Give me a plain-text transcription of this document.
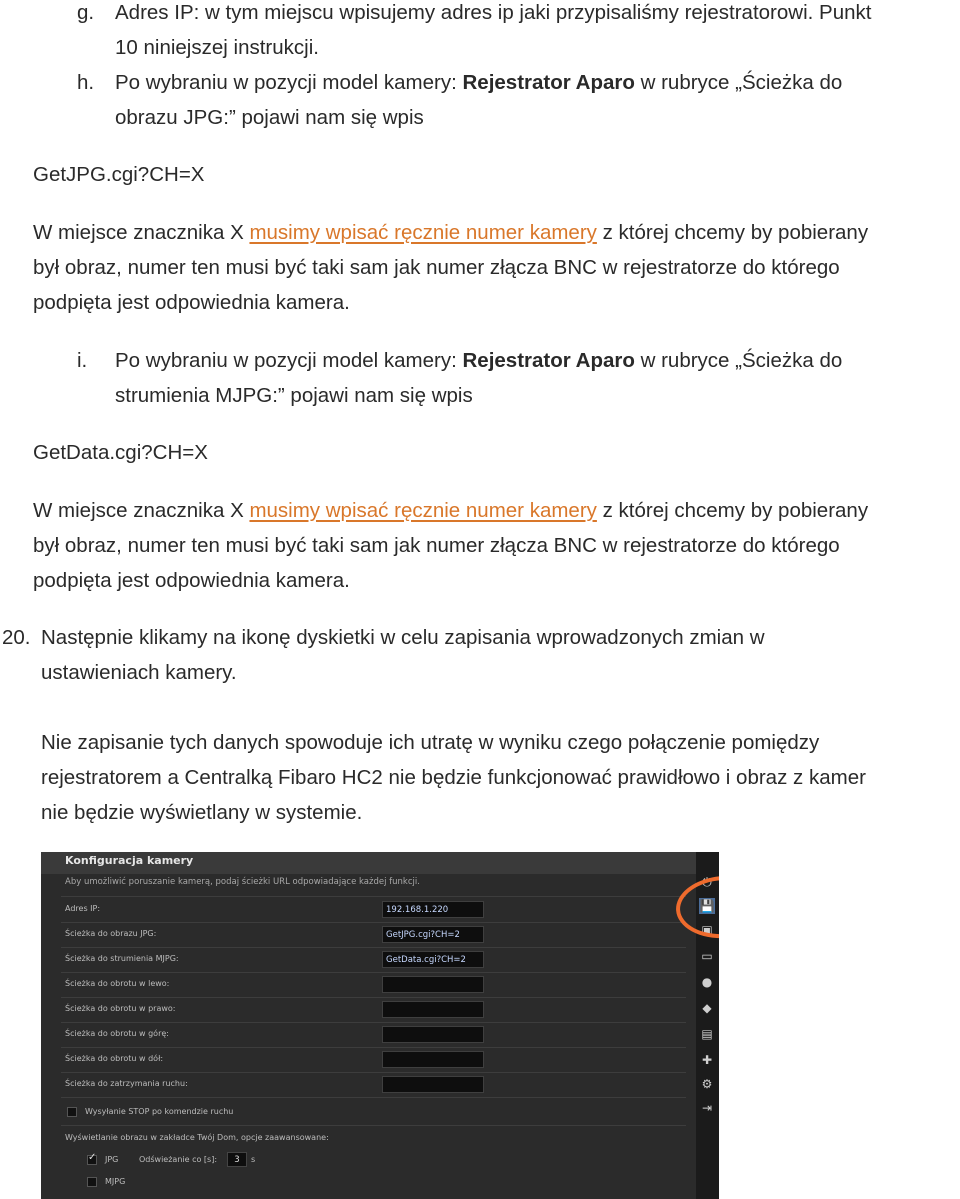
g. Adres IP: w tym miejscu wpisujemy adres ip jaki przypisaliśmy rejestratorowi. Punkt
10 niniejszej instrukcji.
h. Po wybraniu w pozycji model kamery: Rejestrator Aparo w rubryce „Ścieżka do
obrazu JPG:” pojawi nam się wpis
GetJPG.cgi?CH=X
W miejsce znacznika X musimy wpisać ręcznie numer kamery z której chcemy by pobierany
był obraz, numer ten musi być taki sam jak numer złącza BNC w rejestratorze do którego
podpięta jest odpowiednia kamera.
i. Po wybraniu w pozycji model kamery: Rejestrator Aparo w rubryce „Ścieżka do
strumienia MJPG:” pojawi nam się wpis
GetData.cgi?CH=X
W miejsce znacznika X musimy wpisać ręcznie numer kamery z której chcemy by pobierany
był obraz, numer ten musi być taki sam jak numer złącza BNC w rejestratorze do którego
podpięta jest odpowiednia kamera.
20. Następnie klikamy na ikonę dyskietki w celu zapisania wprowadzonych zmian w
ustawieniach kamery.
Nie zapisanie tych danych spowoduje ich utratę w wyniku czego połączenie pomiędzy
rejestratorem a Centralką Fibaro HC2 nie będzie funkcjonować prawidłowo i obraz z kamer
nie będzie wyświetlany w systemie.
Konfiguracja kamery
Aby umożliwić poruszanie kamerą, podaj ścieżki URL odpowiadające każdej funkcji.
Adres IP:	192.168.1.220
Ścieżka do obrazu JPG:	GetJPG.cgi?CH=2
Ścieżka do strumienia MJPG:	GetData.cgi?CH=2
Ścieżka do obrotu w lewo:
Ścieżka do obrotu w prawo:
Ścieżka do obrotu w górę:
Ścieżka do obrotu w dół:
Ścieżka do zatrzymania ruchu:
Wysyłanie STOP po komendzie ruchu
Wyświetlanie obrazu w zakładce Twój Dom, opcje zaawansowane:
✓
JPG	Odświeżanie co [s]:	3	s
MJPG
⏻
💾
▣
▭
●
◆
▤
✚
⚙
⇥
